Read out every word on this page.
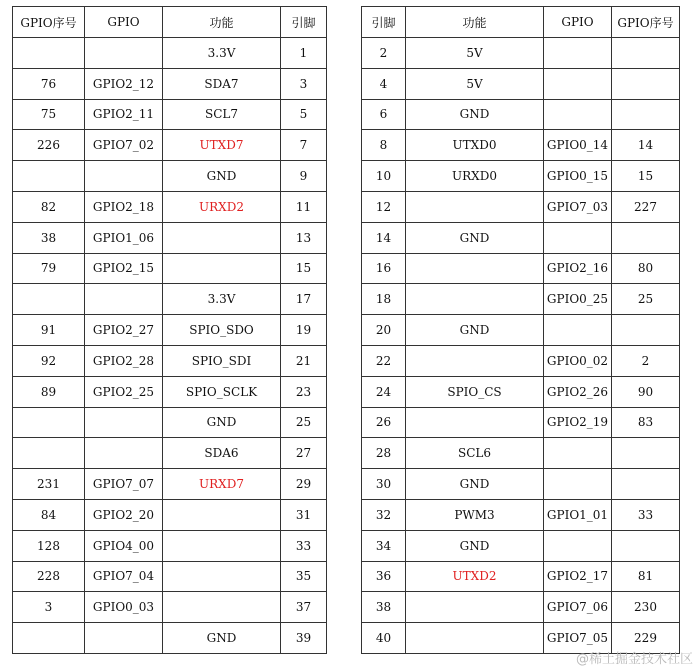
GPIO序号	GPIO	功能	引脚
		3.3V	1
76	GPIO2_12	SDA7	3
75	GPIO2_11	SCL7	5
226	GPIO7_02	UTXD7	7
		GND	9
82	GPIO2_18	URXD2	11
38	GPIO1_06		13
79	GPIO2_15		15
		3.3V	17
91	GPIO2_27	SPIO_SDO	19
92	GPIO2_28	SPIO_SDI	21
89	GPIO2_25	SPIO_SCLK	23
		GND	25
		SDA6	27
231	GPIO7_07	URXD7	29
84	GPIO2_20		31
128	GPIO4_00		33
228	GPIO7_04		35
3	GPIO0_03		37
		GND	39
引脚	功能	GPIO	GPIO序号
2	5V		
4	5V		
6	GND		
8	UTXD0	GPIO0_14	14
10	URXD0	GPIO0_15	15
12		GPIO7_03	227
14	GND		
16		GPIO2_16	80
18		GPIO0_25	25
20	GND		
22		GPIO0_02	2
24	SPIO_CS	GPIO2_26	90
26		GPIO2_19	83
28	SCL6		
30	GND		
32	PWM3	GPIO1_01	33
34	GND		
36	UTXD2	GPIO2_17	81
38		GPIO7_06	230
40		GPIO7_05	229
@稀土掘金技术社区
